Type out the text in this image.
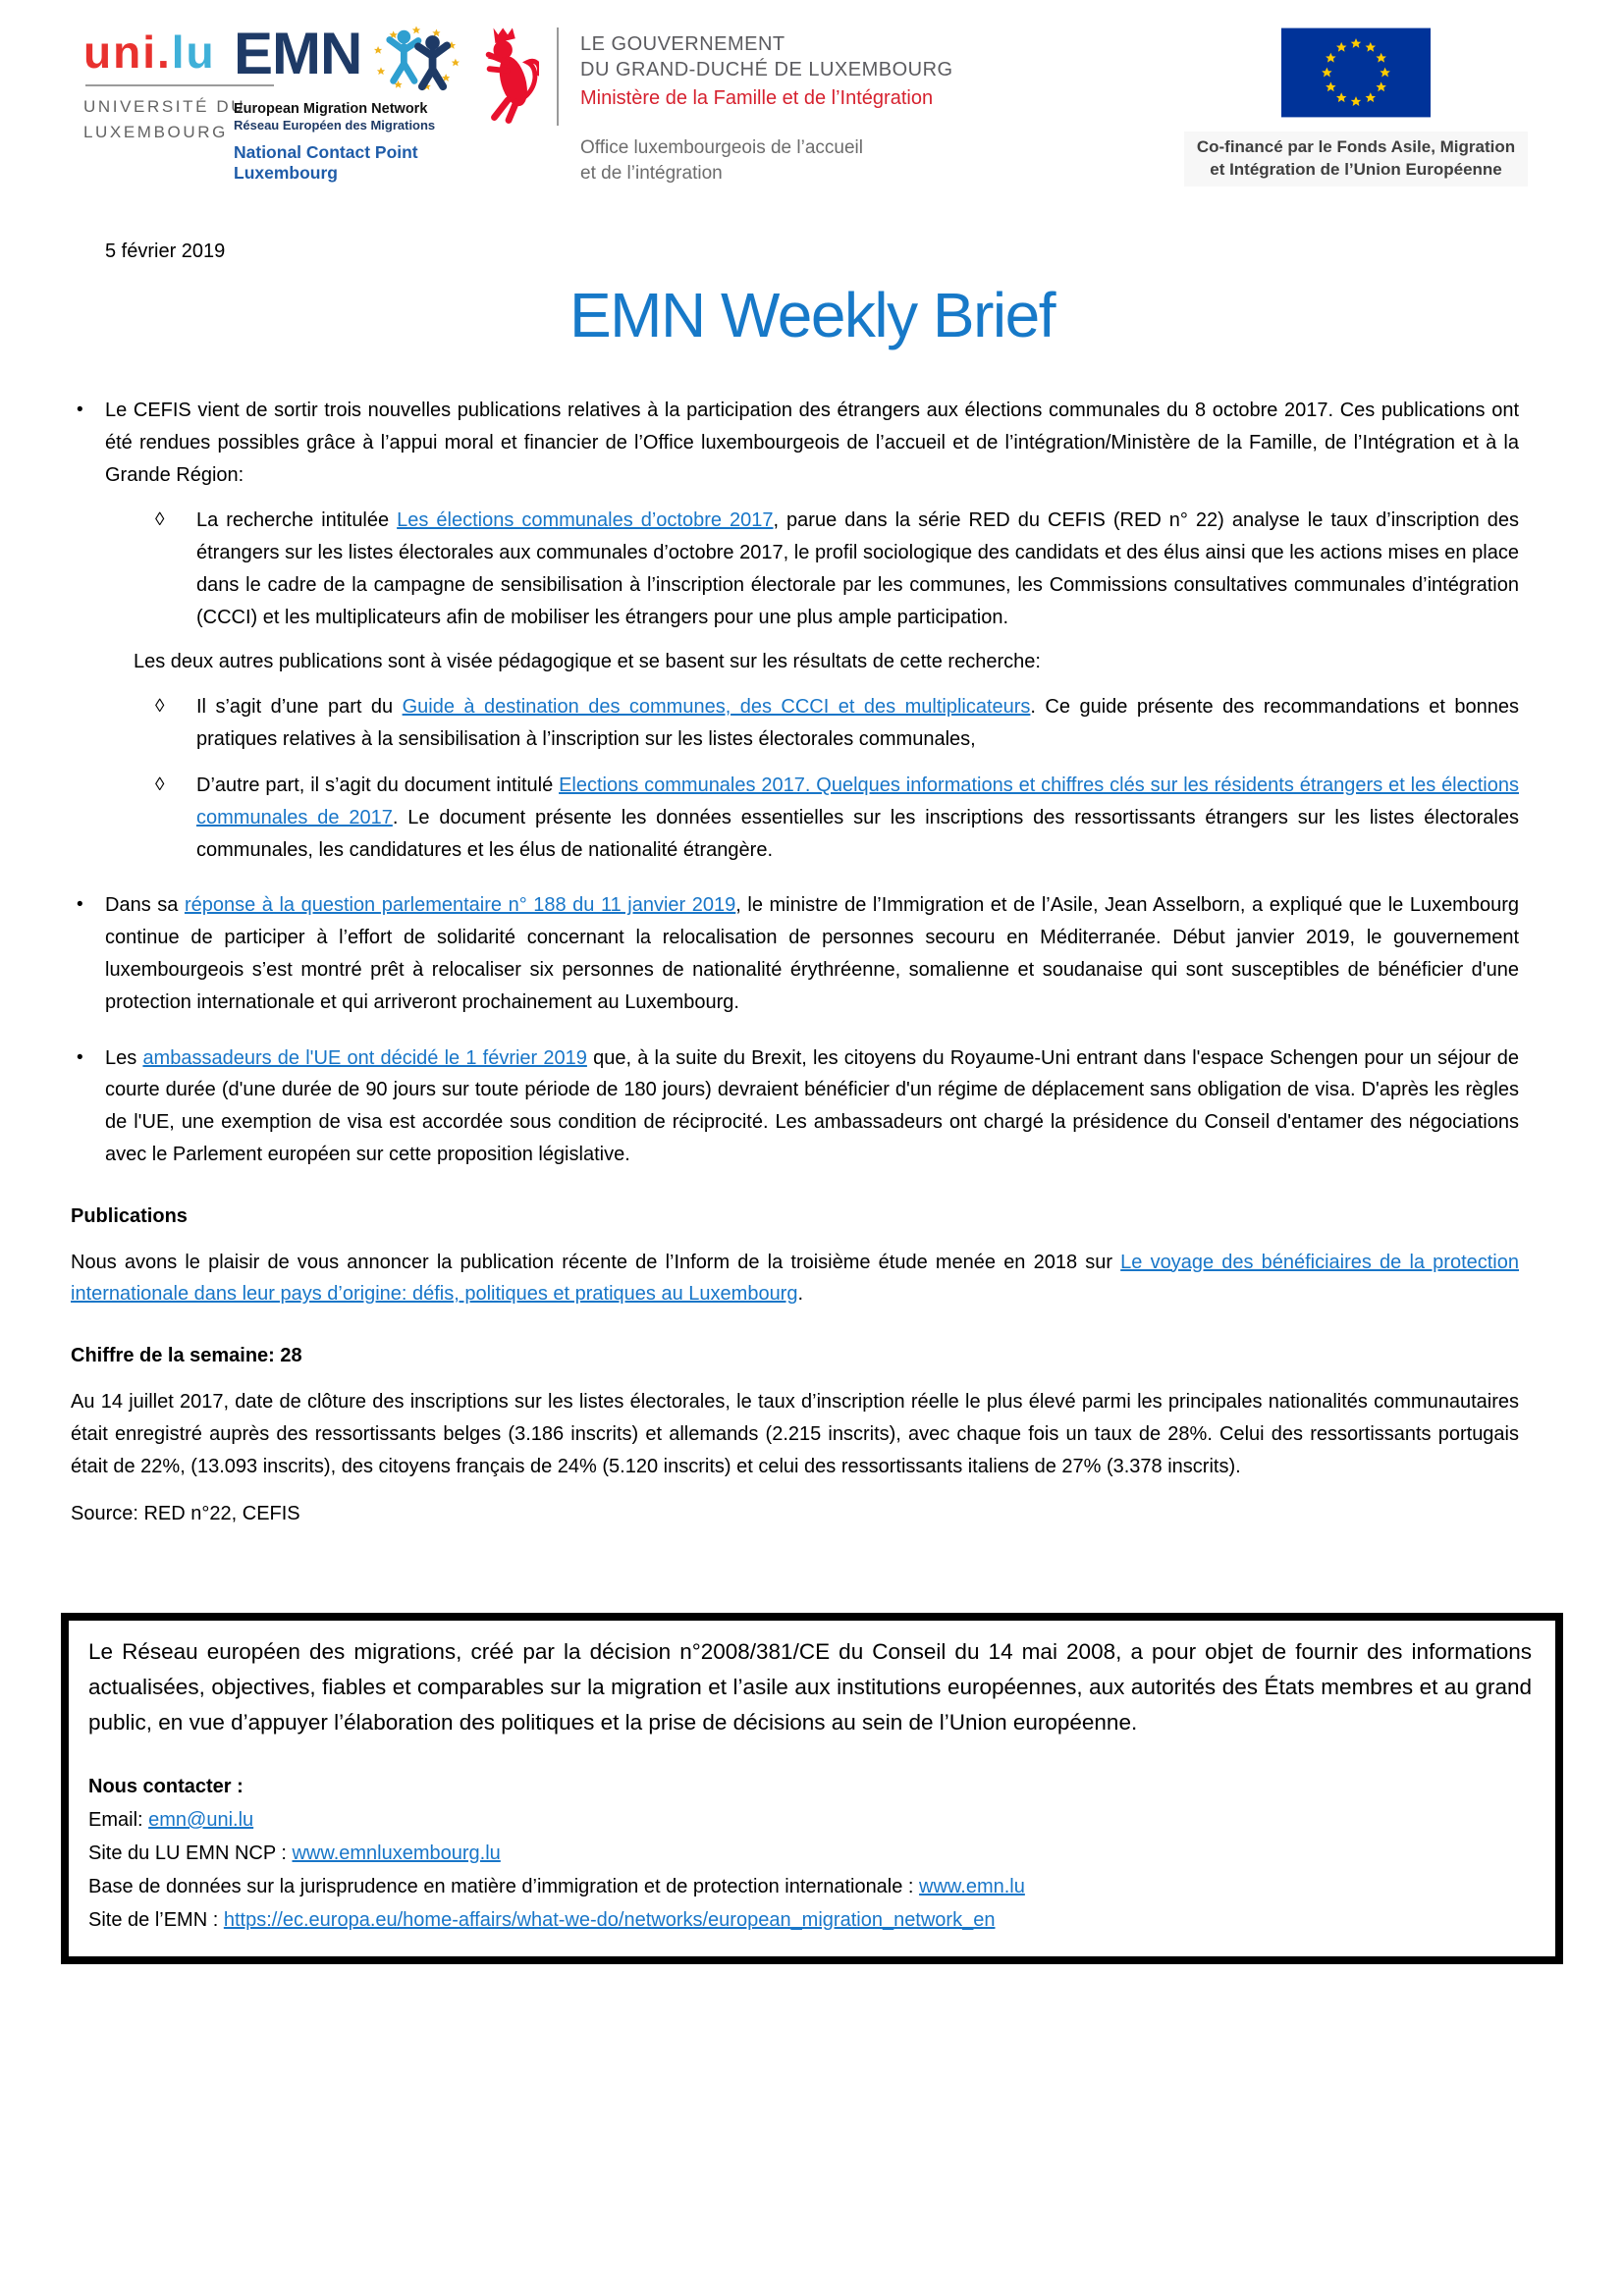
uni.lu
UNIVERSITÉ DU
LUXEMBOURG
EMN
European Migration Network
Réseau Européen des Migrations
National Contact Point Luxembourg
LE GOUVERNEMENT
DU GRAND-DUCHÉ DE LUXEMBOURG
Ministère de la Famille et de l’Intégration
Office luxembourgeois de l’accueil
et de l’intégration
Co-financé par le Fonds Asile, Migration
et Intégration de l’Union Européenne
5 février 2019
EMN Weekly Brief
•	Le CEFIS vient de sortir trois nouvelles publications relatives à la participation des étrangers aux élections communales du 8 octobre 2017. Ces publications ont été rendues possibles grâce à l’appui moral et financier de l’Office luxembourgeois de l’accueil et de l’intégration/Ministère de la Famille, de l’Intégration et à la Grande Région:
◊	La recherche intitulée Les élections communales d’octobre 2017, parue dans la série RED du CEFIS (RED n° 22) analyse le taux d’inscription des étrangers sur les listes électorales aux communales d’octobre 2017, le profil sociologique des candidats et des élus ainsi que les actions mises en place dans le cadre de la campagne de sensibilisation à l’inscription électorale par les communes, les Commissions consultatives communales d’intégration (CCCI) et les multiplicateurs afin de mobiliser les étrangers pour une plus ample participation.
Les deux autres publications sont à visée pédagogique et se basent sur les résultats de cette recherche:
◊	Il s’agit d’une part du Guide à destination des communes, des CCCI et des multiplicateurs. Ce guide présente des recommandations et bonnes pratiques relatives à la sensibilisation à l’inscription sur les listes électorales communales,
◊	D’autre part, il s’agit du document intitulé Elections communales 2017. Quelques informations et chiffres clés sur les résidents étrangers et les élections communales de 2017. Le document présente les données essentielles sur les inscriptions des ressortissants étrangers sur les listes électorales communales, les candidatures et les élus de nationalité étrangère.
•	Dans sa réponse à la question parlementaire n° 188 du 11 janvier 2019, le ministre de l’Immigration et de l’Asile, Jean Asselborn, a expliqué que le Luxembourg continue de participer à l’effort de solidarité concernant la relocalisation de personnes secouru en Méditerranée. Début janvier 2019, le gouvernement luxembourgeois s’est montré prêt à relocaliser six personnes de nationalité érythréenne, somalienne et soudanaise qui sont susceptibles de bénéficier d'une protection internationale et qui arriveront prochainement au Luxembourg.
•	Les ambassadeurs de l'UE ont décidé le 1 février 2019 que, à la suite du Brexit, les citoyens du Royaume-Uni entrant dans l'espace Schengen pour un séjour de courte durée (d'une durée de 90 jours sur toute période de 180 jours) devraient bénéficier d'un régime de déplacement sans obligation de visa. D'après les règles de l'UE, une exemption de visa est accordée sous condition de réciprocité. Les ambassadeurs ont chargé la présidence du Conseil d'entamer des négociations avec le Parlement européen sur cette proposition législative.
Publications
Nous avons le plaisir de vous annoncer la publication récente de l’Inform de la troisième étude menée en 2018 sur Le voyage des bénéficiaires de la protection internationale dans leur pays d’origine: défis, politiques et pratiques au Luxembourg.
Chiffre de la semaine: 28
Au 14 juillet 2017, date de clôture des inscriptions sur les listes électorales, le taux d’inscription réelle le plus élevé parmi les principales nationalités communautaires était enregistré auprès des ressortissants belges (3.186 inscrits) et allemands (2.215 inscrits), avec chaque fois un taux de 28%. Celui des ressortissants portugais était de 22%, (13.093 inscrits), des citoyens français de 24% (5.120 inscrits) et celui des ressortissants italiens de 27% (3.378 inscrits).
Source: RED n°22, CEFIS
Le Réseau européen des migrations, créé par la décision n°2008/381/CE du Conseil du 14 mai 2008, a pour objet de fournir des informations actualisées, objectives, fiables et comparables sur la migration et l’asile aux institutions européennes, aux autorités des États membres et au grand public, en vue d’appuyer l’élaboration des politiques et la prise de décisions au sein de l’Union européenne.
Nous contacter :
Email: emn@uni.lu
Site du LU EMN NCP : www.emnluxembourg.lu
Base de données sur la jurisprudence en matière d’immigration et de protection internationale : www.emn.lu
Site de l’EMN : https://ec.europa.eu/home-affairs/what-we-do/networks/european_migration_network_en
